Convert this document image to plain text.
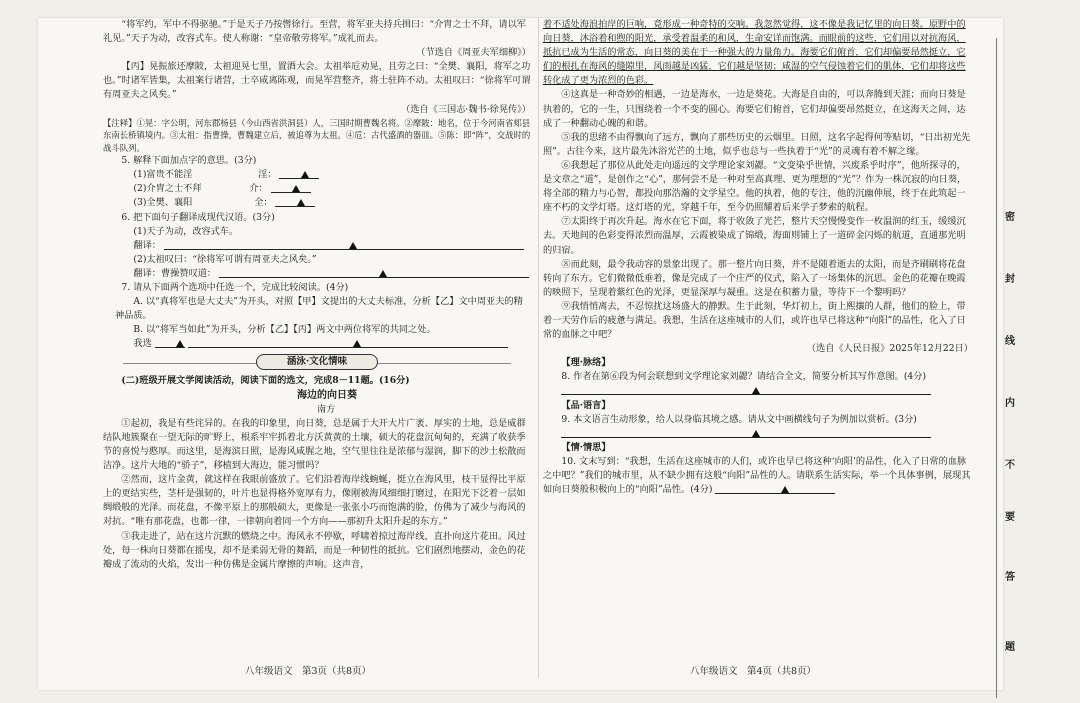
“将军约，军中不得驱驰。”于是天子乃按辔徐行。至营，将军亚夫持兵揖曰：“介胄之士不拜，请以军礼见。”天子为动，改容式车。使人称谢：“皇帝敬劳将军。”成礼而去。

（节选自《周亚夫军细柳》）

【丙】晃振旅还摩陂，太祖迎晃七里，置酒大会。太祖举卮劝晃，且劳之曰：“全樊、襄阳，将军之功也。”时诸军皆集，太祖案行诸营，士卒咸离陈观，而晃军营整齐，将士驻阵不动。太祖叹曰：“徐将军可谓有周亚夫之风矣。”

（选自《三国志·魏书·徐晃传》）

【注释】①晃：字公明，河东郡杨县（今山西省洪洞县）人，三国时期曹魏名将。②摩陂：地名，位于今河南省郏县东南长桥镇境内。③太祖：指曹操，曹魏建立后，被追尊为太祖。④卮：古代盛酒的器皿。⑤陈：即“阵”，交战时的战斗队列。

5. 解释下面加点字的意思。(3分)

(1)富贵不能淫	淫：

(2)介胄之士不拜	介：

(3)全樊、襄阳	全：

6. 把下面句子翻译成现代汉语。(3分)

(1)天子为动，改容式车。

翻译：

(2)太祖叹曰：“徐将军可谓有周亚夫之风矣。”

翻译：曹操赞叹道：

7. 请从下面两个选项中任选一个，完成比较阅读。(4分)

A. 以“真将军也是大丈夫”为开头，对照【甲】文提出的大丈夫标准，分析【乙】文中周亚夫的精神品质。

B. 以“将军当如此”为开头，分析【乙】【丙】两文中两位将军的共同之处。

我选

涵泳·文化情味

(二)班级开展文学阅读活动，阅读下面的选文，完成8－11题。(16分)

海边的向日葵

南方

①起初，我是有些诧异的。在我的印象里，向日葵，总是属于大开大片广袤、厚实的土地，总是威群结队地簇聚在一望无际的旷野上，根系牢牢抓着北方沃黄黄的土壤，硕大的花盘沉甸甸的，充满了收获季节的喜悦与憨厚。而这里，是海滨日照，是海风咸腥之地，空气里往往是浓郁与湿润，脚下的沙土松散而洁净。这片大地的“骄子”，移植到大海边，能习惯吗？

②然而，这片金黄，就这样在我眼前盛放了。它们沿着海岸线蜿蜒，挺立在海风里，枝干显得比平原上的更结实些，茎杆是强韧的，叶片也显得格外宽厚有力，像刚被海风细细打磨过，在阳光下泛着一层如绸缎般的光泽。而花盘，不像平原上的那般硕大，更像是一张张小巧而饱满的脸，仿佛为了减少与海风的对抗。“唯有那花盘，也都一律，一律朝向着同一个方向——那初升太阳升起的东方。”

③我走进了，站在这片沉默的燃烧之中。海风永不停歇，呼啸着掠过海岸线，直扑向这片花田。风过处，每一株向日葵都在摇曳，却不是柔弱无骨的舞蹈，而是一种韧性的抵抗。它们剧烈地摆动，金色的花瓣成了流动的火焰，发出一种仿佛是金属片摩擦的声响。这声音，

着不适处海浪拍岸的巨响，竟形成一种奇特的交响。我忽然觉得，这不像是我记忆里的向日葵。原野中的向日葵，沐浴着和煦的阳光，承受着温柔的和风，生命安详而饱满。而眼前的这些，它们用以对抗海风，抵抗已成为生活的常态，向日葵的美在于一种强大的力量角力。海要它们俯首，它们却偏要昂然挺立，它们的根扎在海风的缝隙里，风雨越是凶猛，它们越是坚韧；咸湿的空气侵蚀着它们的肌体，它们却将这些转化成了更为浓烈的色彩。

④这真是一种奇妙的相遇，一边是海水，一边是葵花。大海是自由的，可以奔腾到天涯；而向日葵是执着的，它的一生，只围绕着一个不变的圆心。海要它们俯首，它们却偏要昂然挺立，在这海天之间，达成了一种翻动心魄的和谐。

⑤我的思绪不由得飘向了远方，飘向了那些历史的云烟里。日照，这名字起得何等贴切，“日出初光先照”。古往今来，这片最先沐浴光芒的土地，似乎也总与一些执着于“光”的灵魂有着不解之缘。

⑥我想起了那位从此处走向遥远的文学理论家刘勰。“文变染乎世情，兴废系乎时序”，他所探寻的，是文章之“道”，是创作之“心”，那何尝不是一种对至高真理、更为理想的“光”？作为一株沉寂的向日葵，将全部的精力与心智，都投向那浩瀚的文学星空。他的执着，他的专注，他的沉幽伸展，终于在此筑起一座不朽的文学灯塔。这灯塔的光，穿越千年，至今仍照耀着后来学子梦索的航程。

⑦太阳终于再次升起。海水在它下面，将于收敛了光芒，整片天空慢慢变作一枚温润的红玉，缓缓沉去。天地间的色彩变得浓烈而温厚，云霞被染成了锦缎，海面则铺上了一道碎金闪烁的航道，直通那光明的归宿。

⑧而此刻，最令我动容的景象出现了。那一整片向日葵，并不是随着逝去的太阳，而是齐刷刷将花盘转向了东方。它们微微低垂着，像是完成了一个庄严的仪式，陷入了一场集体的沉思。金色的花瓣在晚霞的映照下，呈现着紫红色的光泽，更显深厚与凝重。这是在积蓄力量，等待下一个黎明吗？

⑨我悄悄离去，不忍惊扰这场盛大的静默。生于此刻，华灯初上，街上熙攘的人群，他们的脸上，带着一天劳作后的疲惫与满足。我想，生活在这座城市的人们，或许也早已将这种“向阳”的品性，化入了日常的血脉之中吧？

（选自《人民日报》2025年12月22日）

【理·脉络】

8. 作者在第⑥段为何会联想到文学理论家刘勰？请结合全文，简要分析其写作意图。(4分)

【品·语言】

9. 本文语言生动形象，给人以身临其境之感。请从文中画横线句子为例加以赏析。(3分)

【情·情思】

10. 文末写到：“我想，生活在这座城市的人们，或许也早已将这种‘向阳’的品性，化入了日常的血脉之中吧？”我们的城市里，从不缺少拥有这般“向阳”品性的人。请联系生活实际，举一个具体事例，展现其如向日葵般积极向上的“向阳”品性。(4分)

八年级语文　第3页（共8页）	八年级语文　第4页（共8页）
密
封
线
内
不
要
答
题
